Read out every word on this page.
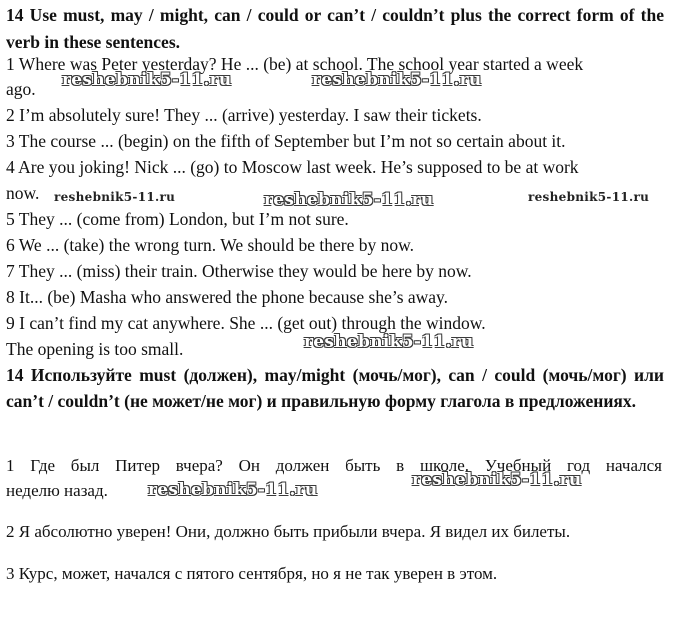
14 Use must, may / might, can / could or can’t / couldn’t plus the correct form of the verb in these sentences.
1 Where was Peter yesterday? He ... (be) at school. The school year started a week
ago.
2 I’m absolutely sure! They ... (arrive) yesterday. I saw their tickets.
3 The course ... (begin) on the fifth of September but I’m not so certain about it.
4 Are you joking! Nick ... (go) to Moscow last week. He’s supposed to be at work
now.
5 They ... (come from) London, but I’m not sure.
6 We ... (take) the wrong turn. We should be there by now.
7 They ... (miss) their train. Otherwise they would be here by now.
8 It... (be) Masha who answered the phone because she’s away.
9 I can’t find my cat anywhere. She ... (get out) through the window.
The opening is too small.
14 Используйте must (должен), may/might (мочь/мог), can / could (мочь/мог) или can’t / couldn’t (не может/не мог) и правильную форму глагола в предложениях.
1 Где был Питер вчера? Он должен быть в школе. Учебный год начался
неделю назад.
2 Я абсолютно уверен! Они, должно быть прибыли вчера. Я видел их билеты.
3 Курс, может, начался с пятого сентября, но я не так уверен в этом.
reshebnik5-11.ru	reshebnik5-11.ru
reshebnik5-11.ru	reshebnik5-11.ru	reshebnik5-11.ru
reshebnik5-11.ru
reshebnik5-11.ru
reshebnik5-11.ru
